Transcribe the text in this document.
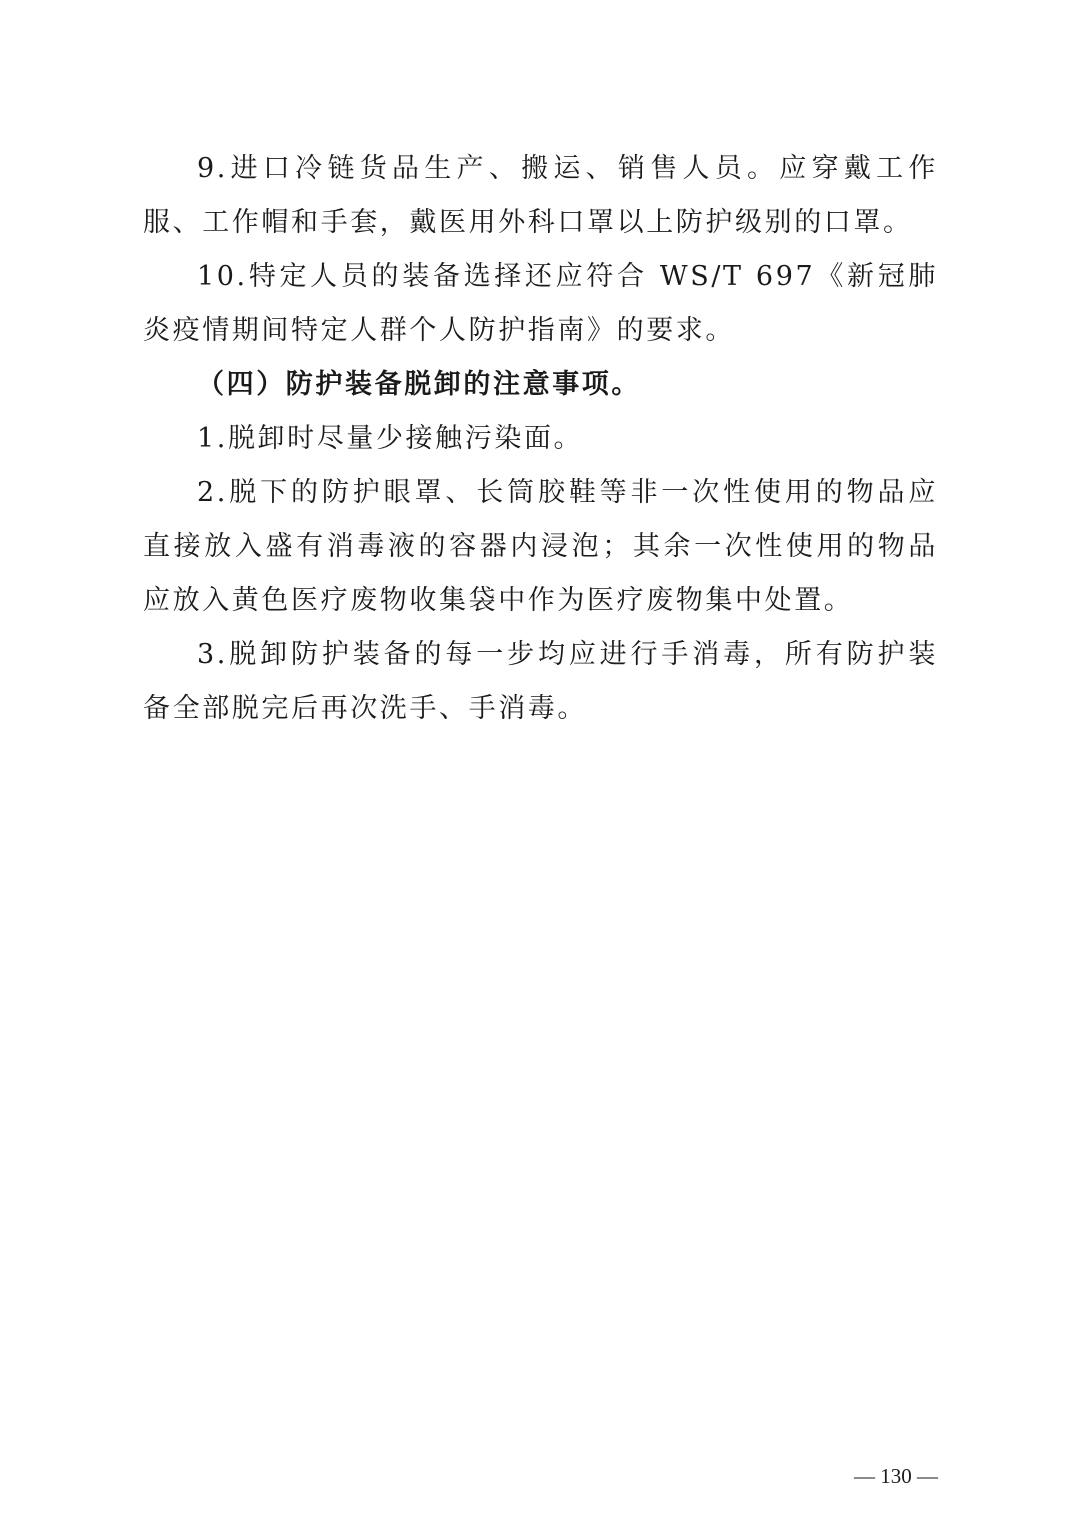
9.进口冷链货品生产、搬运、销售人员。应穿戴工作服、工作帽和手套，戴医用外科口罩以上防护级别的口罩。

10.特定人员的装备选择还应符合 WS/T 697《新冠肺炎疫情期间特定人群个人防护指南》的要求。

（四）防护装备脱卸的注意事项。

1.脱卸时尽量少接触污染面。

2.脱下的防护眼罩、长筒胶鞋等非一次性使用的物品应直接放入盛有消毒液的容器内浸泡；其余一次性使用的物品应放入黄色医疗废物收集袋中作为医疗废物集中处置。

3.脱卸防护装备的每一步均应进行手消毒，所有防护装备全部脱完后再次洗手、手消毒。

— 130 —
